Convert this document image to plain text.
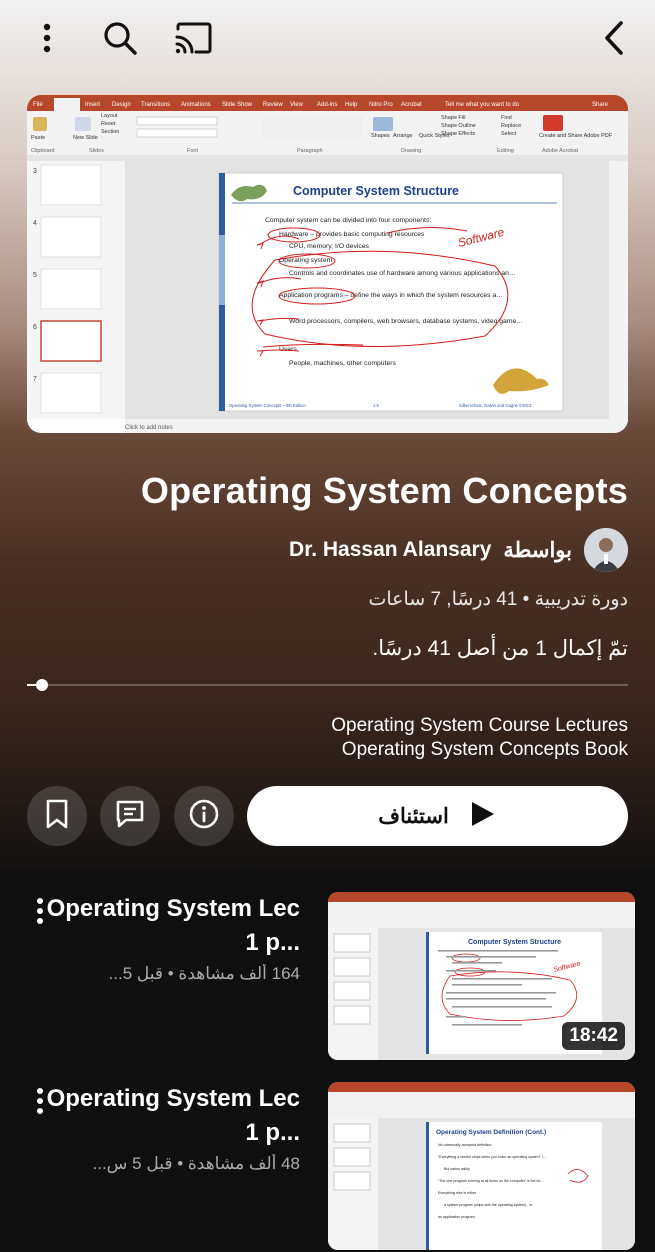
File	Insert Design Transitions Animations Slide Show Review View Add-ins Help Nitro Pro Acrobat	Tell me what you want to do	Share
Clipboard	Slides	Font	Paragraph	Drawing	Editing	Adobe Acrobat
Paste	New Slide
Layout
Reset
Section
Shapes Arrange Quick Styles
Shape Fill
Shape Outline
Shape Effects
Find
Replace
Select	Create and Share Adobe PDF
3
4
5
6
7
Computer System Structure
Computer system can be divided into four components:
Hardware – provides basic computing resources
CPU, memory, I/O devices
Operating system
Controls and coordinates use of hardware among various applications an…
Application programs – define the ways in which the system resources a…
Word processors, compilers, web browsers, database systems, video game…
Users
People, machines, other computers
Software
Operating System Concepts – 9th Edition	1.6	Silberschatz, Galvin and Gagne ©2013
Click to add notes
Operating System Concepts
Dr. Hassan Alansary بواسطة
دورة تدريبية • 41 درسًا, 7 ساعات
تمّ إكمال 1 من أصل 41 درسًا.
Operating System Course Lectures
Operating System Concepts Book
استئناف
Operating System Lec 1 p...
164 ألف مشاهدة • قبل 5...
Computer System Structure
Software
18:42
Operating System Lec 1 p...
48 ألف مشاهدة • قبل 5 س...
Operating System Definition (Cont.)
No universally accepted definition
“Everything a vendor ships when you order an operating system” i…
But varies wildly
“The one program running at all times on the computer” is the ke…
Everything else is either
a system program (ships with the operating system) , or
an application program.
